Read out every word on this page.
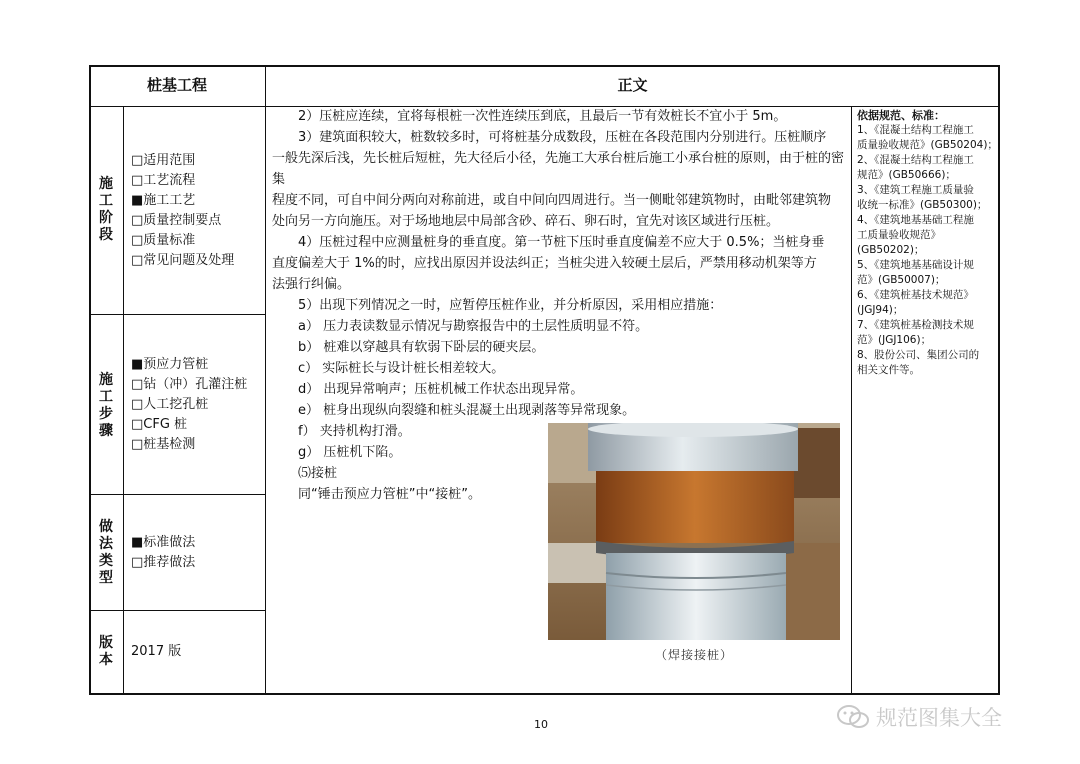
桩基工程	正文
施工阶段
□适用范围
□工艺流程
■施工工艺
□质量控制要点
□质量标准
□常见问题及处理
施工步骤
■预应力管桩
□钻（冲）孔灌注桩
□人工挖孔桩
□CFG 桩
□桩基检测
做法类型
■标准做法
□推荐做法
版本
2017 版

2）压桩应连续，宜将每根桩一次性连续压到底，且最后一节有效桩长不宜小于 5m。

3）建筑面积较大，桩数较多时，可将桩基分成数段，压桩在各段范围内分别进行。压桩顺序

一般先深后浅，先长桩后短桩，先大径后小径，先施工大承台桩后施工小承台桩的原则，由于桩的密集

程度不同，可自中间分两向对称前进，或自中间向四周进行。当一侧毗邻建筑物时，由毗邻建筑物

处向另一方向施压。对于场地地层中局部含砂、碎石、卵石时，宜先对该区域进行压桩。

4）压桩过程中应测量桩身的垂直度。第一节桩下压时垂直度偏差不应大于 0.5%；当桩身垂

直度偏差大于 1%的时，应找出原因并设法纠正；当桩尖进入较硬土层后，严禁用移动机架等方

法强行纠偏。

5）出现下列情况之一时，应暂停压桩作业，并分析原因，采用相应措施：

a） 压力表读数显示情况与勘察报告中的土层性质明显不符。

b） 桩难以穿越具有软弱下卧层的硬夹层。

c） 实际桩长与设计桩长相差较大。

d） 出现异常响声；压桩机械工作状态出现异常。

e） 桩身出现纵向裂缝和桩头混凝土出现剥落等异常现象。

f） 夹持机构打滑。

g） 压桩机下陷。

⑸接桩

同“锤击预应力管桩”中“接桩”。

（焊接接桩）
依据规范、标准：
1、《混凝土结构工程施工
质量验收规范》(GB50204)；
2、《混凝土结构工程施工
规范》(GB50666)；
3、《建筑工程施工质量验
收统一标准》(GB50300)；
4、《建筑地基基础工程施
工质量验收规范》
(GB50202)；
5、《建筑地基基础设计规
范》(GB50007)；
6、《建筑桩基技术规范》
(JGJ94)；
7、《建筑桩基检测技术规
范》(JGJ106)；
8、股份公司、集团公司的
相关文件等。
10	规范图集大全
